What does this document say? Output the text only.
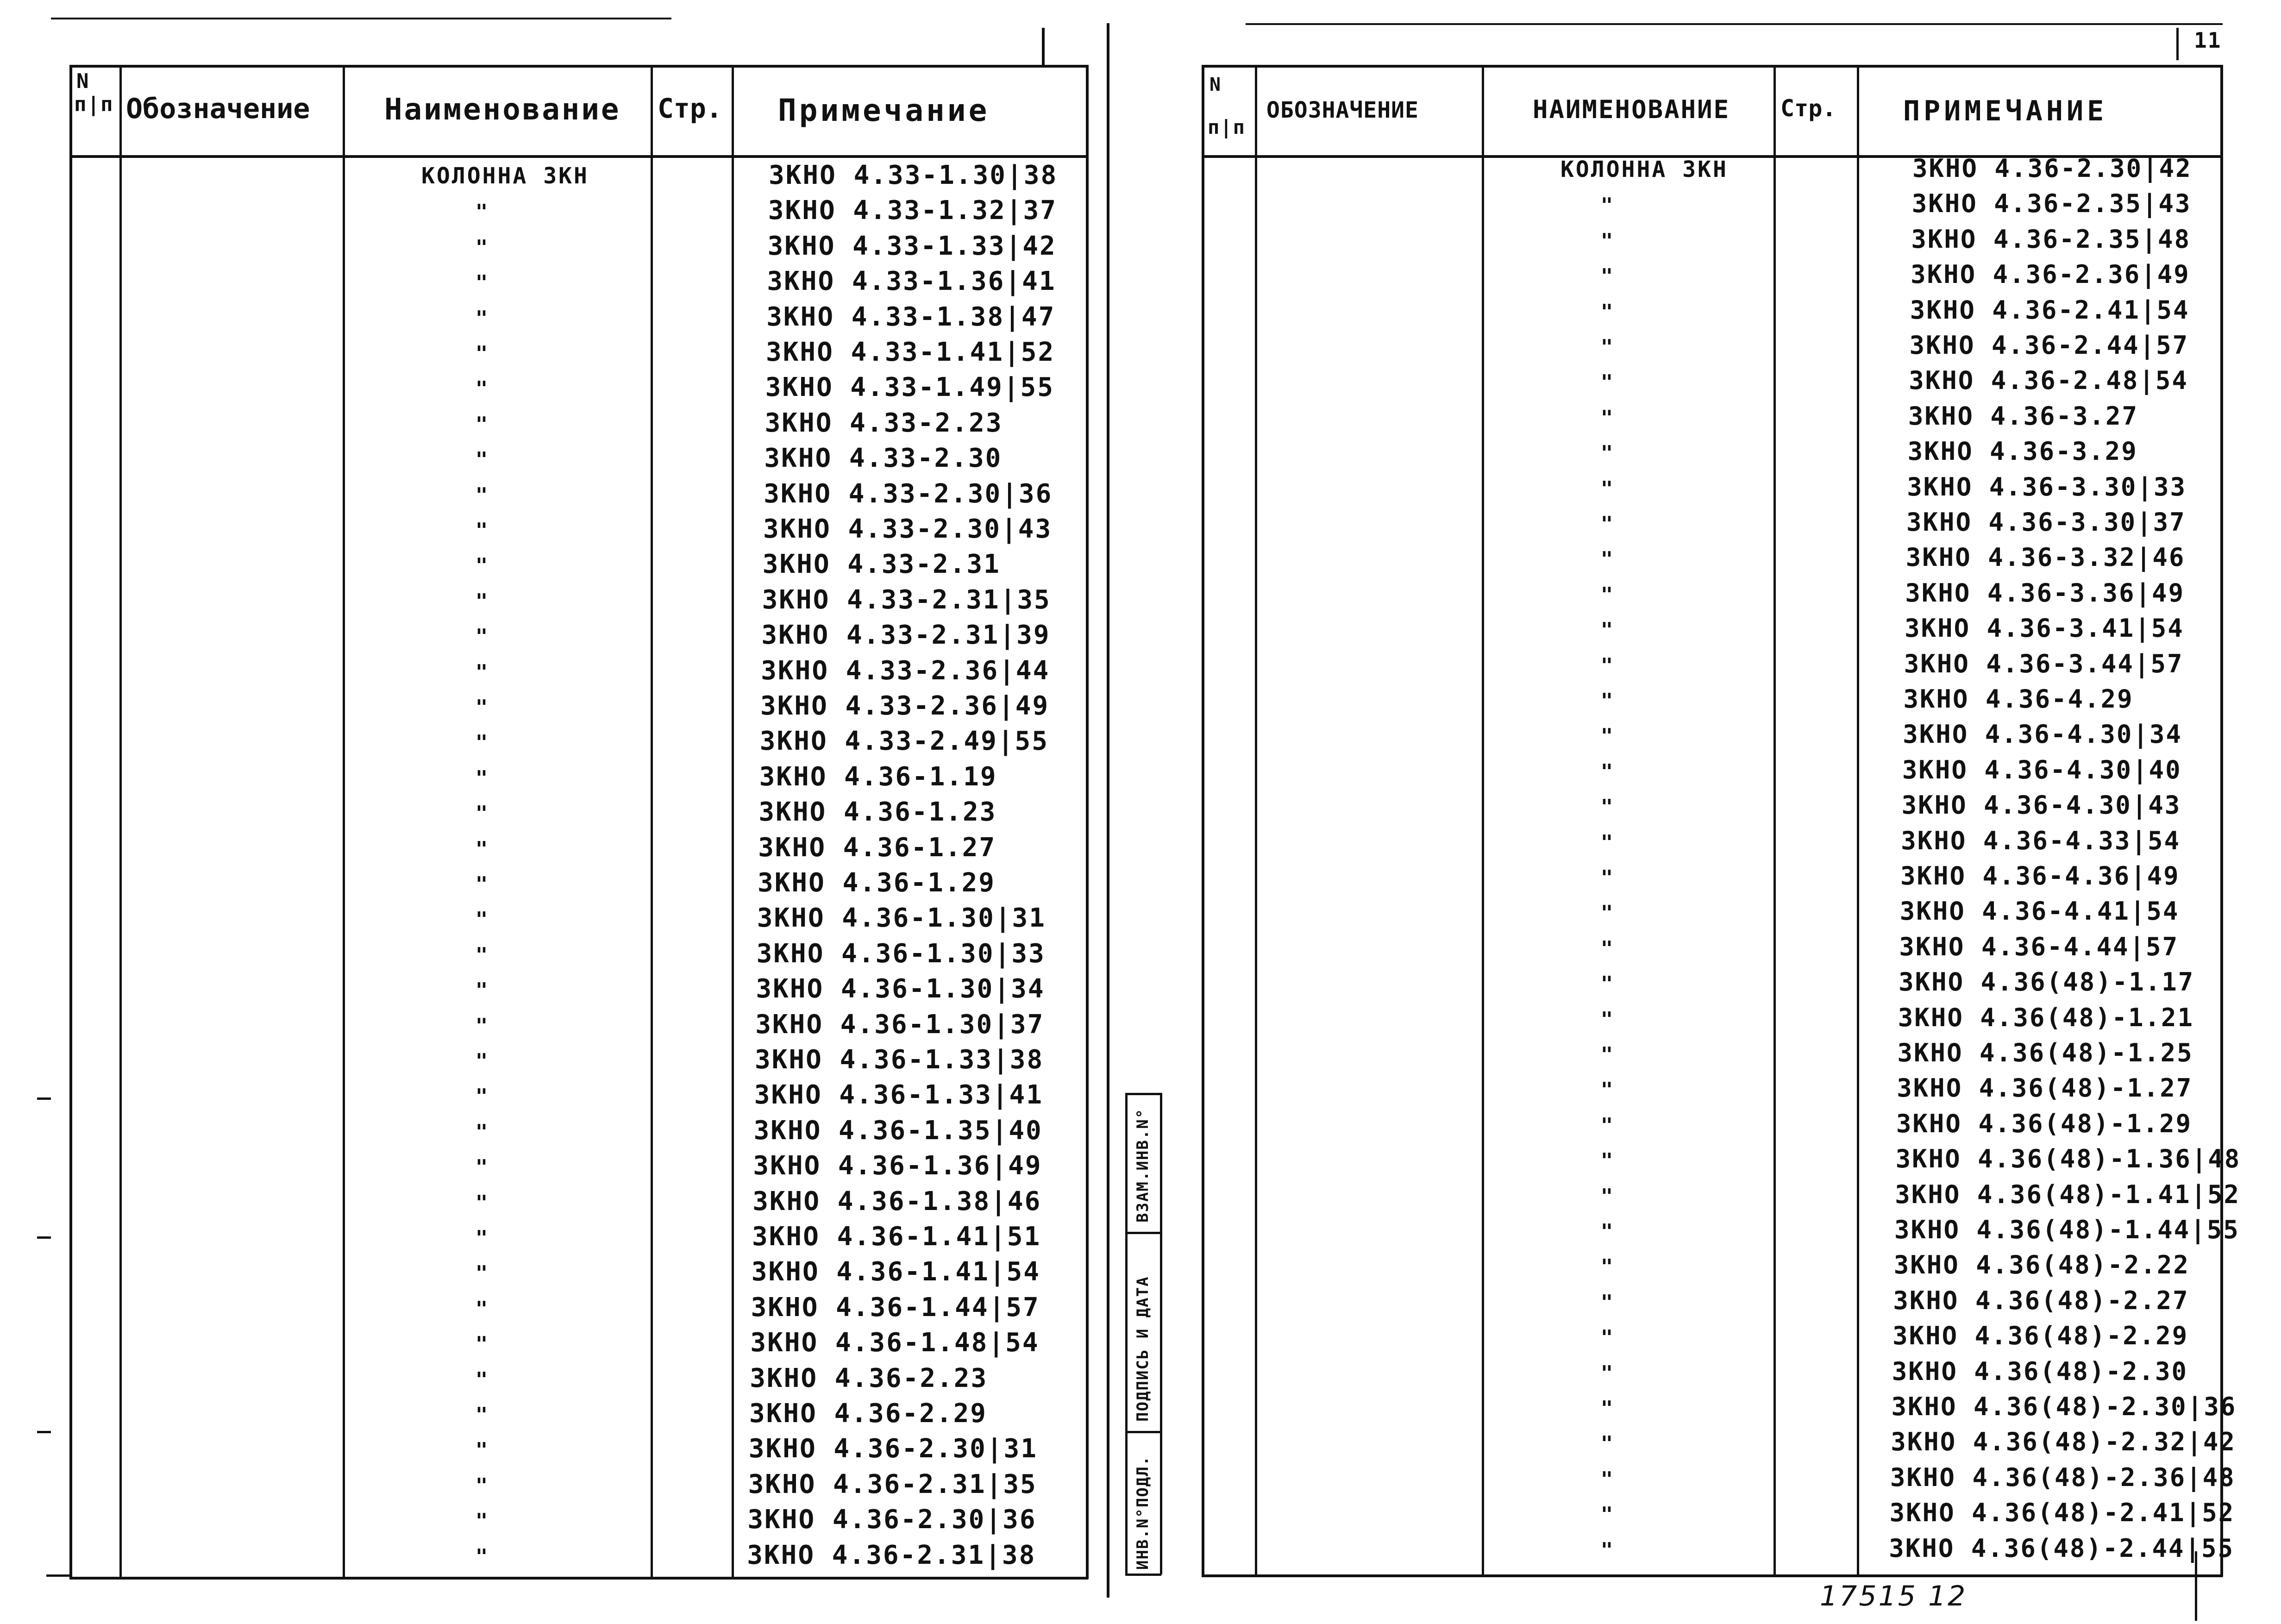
N
п|п Обозначение	Наименование Стр. Примечание
КОЛОННА 3КН	3КНО 4.33-1.30|38
"	3КНО 4.33-1.32|37
"	3КНО 4.33-1.33|42
"	3КНО 4.33-1.36|41
"	3КНО 4.33-1.38|47
"	3КНО 4.33-1.41|52
"	3КНО 4.33-1.49|55
"	3КНО 4.33-2.23
"	3КНО 4.33-2.30
"	3КНО 4.33-2.30|36
"	3КНО 4.33-2.30|43
"	3КНО 4.33-2.31
"	3КНО 4.33-2.31|35
"	3КНО 4.33-2.31|39
"	3КНО 4.33-2.36|44
"	3КНО 4.33-2.36|49
"	3КНО 4.33-2.49|55
"	3КНО 4.36-1.19
"	3КНО 4.36-1.23
"	3КНО 4.36-1.27
"	3КНО 4.36-1.29
"	3КНО 4.36-1.30|31
"	3КНО 4.36-1.30|33
"	3КНО 4.36-1.30|34
"	3КНО 4.36-1.30|37
"	3КНО 4.36-1.33|38
"	3КНО 4.36-1.33|41
"	3КНО 4.36-1.35|40
"	3КНО 4.36-1.36|49
"	3КНО 4.36-1.38|46
"	3КНО 4.36-1.41|51
"	3КНО 4.36-1.41|54
"	3КНО 4.36-1.44|57
"	3КНО 4.36-1.48|54
"	3КНО 4.36-2.23
"	3КНО 4.36-2.29
"	3КНО 4.36-2.30|31
"	3КНО 4.36-2.31|35
"	3КНО 4.36-2.30|36
"	3КНО 4.36-2.31|38
11
N
п|п
ОБОЗНАЧЕНИЕ	НАИМЕНОВАНИЕ Стр. ПРИМЕЧАНИЕ
КОЛОННА 3КН	3КНО 4.36-2.30|42
"	3КНО 4.36-2.35|43
"	3КНО 4.36-2.35|48
"	3КНО 4.36-2.36|49
"	3КНО 4.36-2.41|54
"	3КНО 4.36-2.44|57
"	3КНО 4.36-2.48|54
"	3КНО 4.36-3.27
"	3КНО 4.36-3.29
"	3КНО 4.36-3.30|33
"	3КНО 4.36-3.30|37
"	3КНО 4.36-3.32|46
"	3КНО 4.36-3.36|49
"	3КНО 4.36-3.41|54
"	3КНО 4.36-3.44|57
"	3КНО 4.36-4.29
"	3КНО 4.36-4.30|34
"	3КНО 4.36-4.30|40
"	3КНО 4.36-4.30|43
"	3КНО 4.36-4.33|54
"	3КНО 4.36-4.36|49
"	3КНО 4.36-4.41|54
"	3КНО 4.36-4.44|57
"	3КНО 4.36(48)-1.17
"	3КНО 4.36(48)-1.21
"	3КНО 4.36(48)-1.25
"	3КНО 4.36(48)-1.27
"	3КНО 4.36(48)-1.29
"	3КНО 4.36(48)-1.36|48
"	3КНО 4.36(48)-1.41|52
"	3КНО 4.36(48)-1.44|55
"	3КНО 4.36(48)-2.22
"	3КНО 4.36(48)-2.27
"	3КНО 4.36(48)-2.29
"	3КНО 4.36(48)-2.30
"	3КНО 4.36(48)-2.30|36
"	3КНО 4.36(48)-2.32|42
"	3КНО 4.36(48)-2.36|48
"	3КНО 4.36(48)-2.41|52
"	3КНО 4.36(48)-2.44|55
ВЗАМ.ИНВ.N°
ПОДПИСЬ И ДАТА
ИНВ.N°ПОДЛ.
17515 12
